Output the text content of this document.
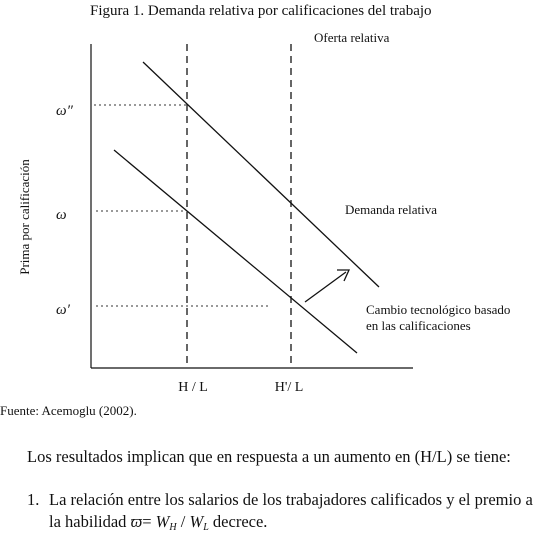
Figura 1. Demanda relativa por calificaciones del trabajo
Prima por calificación
ω″
ω
ω′
H / L	H'/ L
Oferta relativa
Demanda relativa
Cambio tecnológico basado
en las calificaciones
Fuente: Acemoglu (2002).
Los resultados implican que en respuesta a un aumento en (H/L) se tiene:
1. La relación entre los salarios de los trabajadores calificados y el premio a
la habilidad $ϖ= W_H / W_L$ decrece.
